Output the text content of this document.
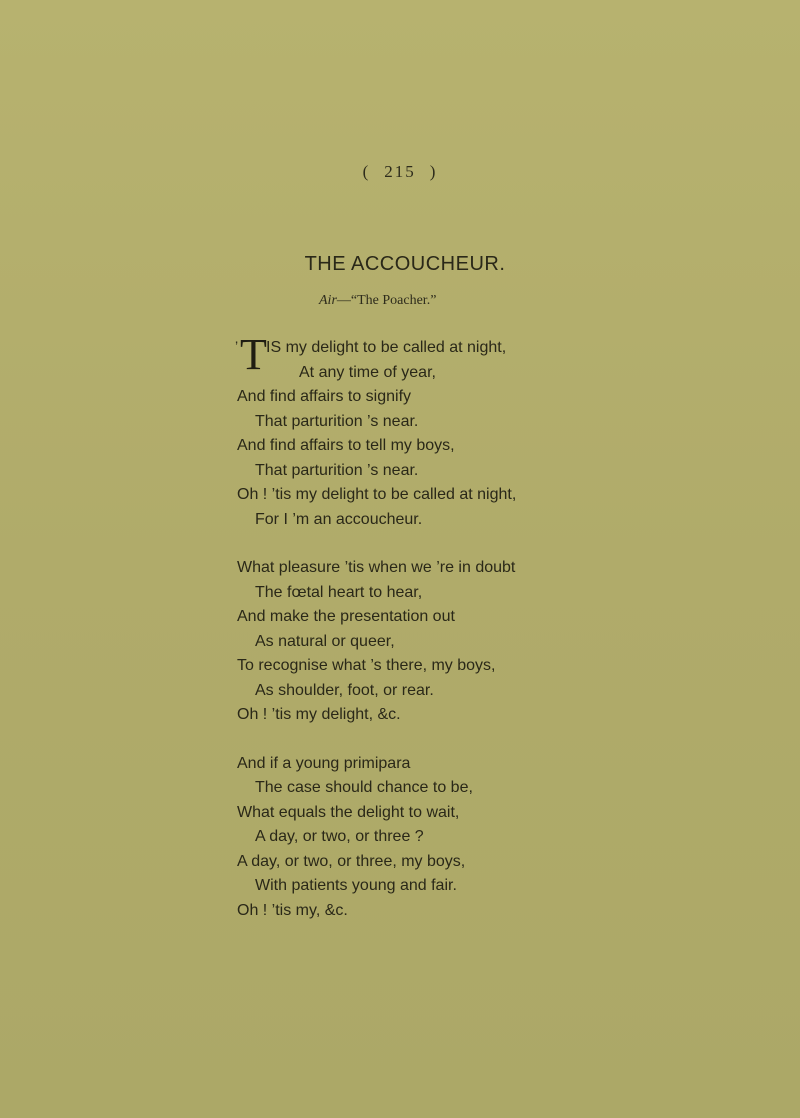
( 215 )
THE ACCOUCHEUR.
Air—“The Poacher.”
’ T IS my delight to be called at night,
At any time of year,
And find affairs to signify
That parturition ’s near.
And find affairs to tell my boys,
That parturition ’s near.
Oh ! ’tis my delight to be called at night,
For I ’m an accoucheur.
What pleasure ’tis when we ’re in doubt
The fœtal heart to hear,
And make the presentation out
As natural or queer,
To recognise what ’s there, my boys,
As shoulder, foot, or rear.
Oh ! ’tis my delight, &c.
And if a young primipara
The case should chance to be,
What equals the delight to wait,
A day, or two, or three ?
A day, or two, or three, my boys,
With patients young and fair.
Oh ! ’tis my, &c.
